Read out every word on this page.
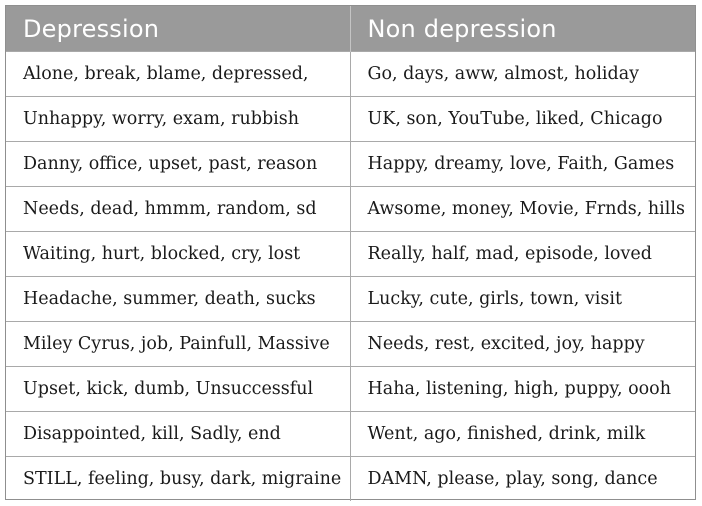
Depression	Non depression
Alone, break, blame, depressed,	Go, days, aww, almost, holiday
Unhappy, worry, exam, rubbish	UK, son, YouTube, liked, Chicago
Danny, office, upset, past, reason	Happy, dreamy, love, Faith, Games
Needs, dead, hmmm, random, sd	Awsome, money, Movie, Frnds, hills
Waiting, hurt, blocked, cry, lost	Really, half, mad, episode, loved
Headache, summer, death, sucks	Lucky, cute, girls, town, visit
Miley Cyrus, job, Painfull, Massive	Needs, rest, excited, joy, happy
Upset, kick, dumb, Unsuccessful	Haha, listening, high, puppy, oooh
Disappointed, kill, Sadly, end	Went, ago, finished, drink, milk
STILL, feeling, busy, dark, migraine	DAMN, please, play, song, dance
